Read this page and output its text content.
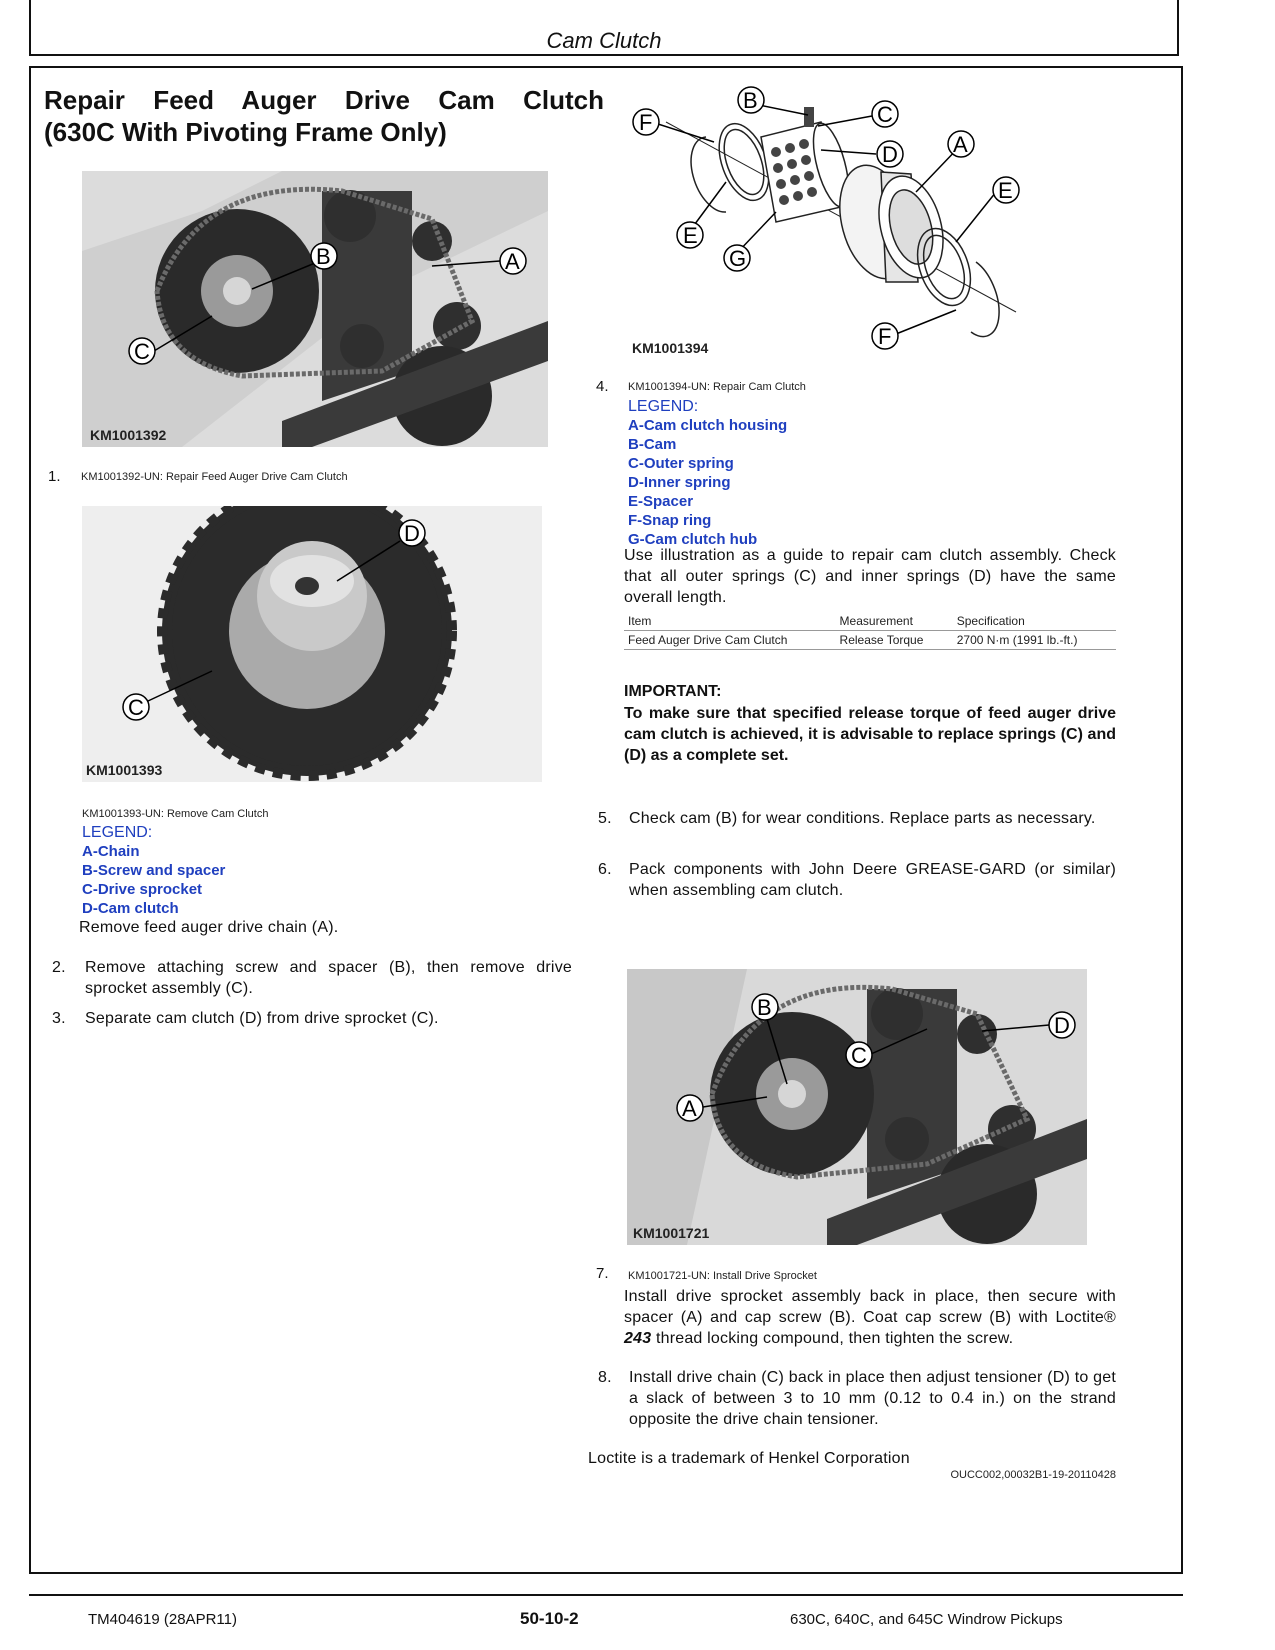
Cam Clutch
Repair Feed Auger Drive Cam Clutch
(630C With Pivoting Frame Only)
B	A
C
KM1001392
1. KM1001392-UN: Repair Feed Auger Drive Cam Clutch
D
C
KM1001393
KM1001393-UN: Remove Cam Clutch
LEGEND:
A-Chain
B-Screw and spacer
C-Drive sprocket
D-Cam clutch
Remove feed auger drive chain (A).
2. Remove attaching screw and spacer (B), then remove drive sprocket assembly (C).
3. Separate cam clutch (D) from drive sprocket (C).
F
B
C
D	A
E
E
G
F
KM1001394
4. KM1001394-UN: Repair Cam Clutch
LEGEND:
A-Cam clutch housing
B-Cam
C-Outer spring
D-Inner spring
E-Spacer
F-Snap ring
G-Cam clutch hub
Use illustration as a guide to repair cam clutch assembly. Check that all outer springs (C) and inner springs (D) have the same overall length.
Item	Measurement	Specification
Feed Auger Drive Cam Clutch	Release Torque	2700 N·m (1991 lb.-ft.)
IMPORTANT:
To make sure that specified release torque of feed auger drive cam clutch is achieved, it is advisable to replace springs (C) and (D) as a complete set.
5. Check cam (B) for wear conditions. Replace parts as necessary.
6. Pack components with John Deere GREASE-GARD (or similar) when assembling cam clutch.
B
A
C
D
KM1001721
7. KM1001721-UN: Install Drive Sprocket
Install drive sprocket assembly back in place, then secure with spacer (A) and cap screw (B). Coat cap screw (B) with Loctite® 243 thread locking compound, then tighten the screw.
8. Install drive chain (C) back in place then adjust tensioner (D) to get a slack of between 3 to 10 mm (0.12 to 0.4 in.) on the strand opposite the drive chain tensioner.
Loctite is a trademark of Henkel Corporation
OUCC002,00032B1-19-20110428
TM404619 (28APR11)	50-10-2	630C, 640C, and 645C Windrow Pickups
